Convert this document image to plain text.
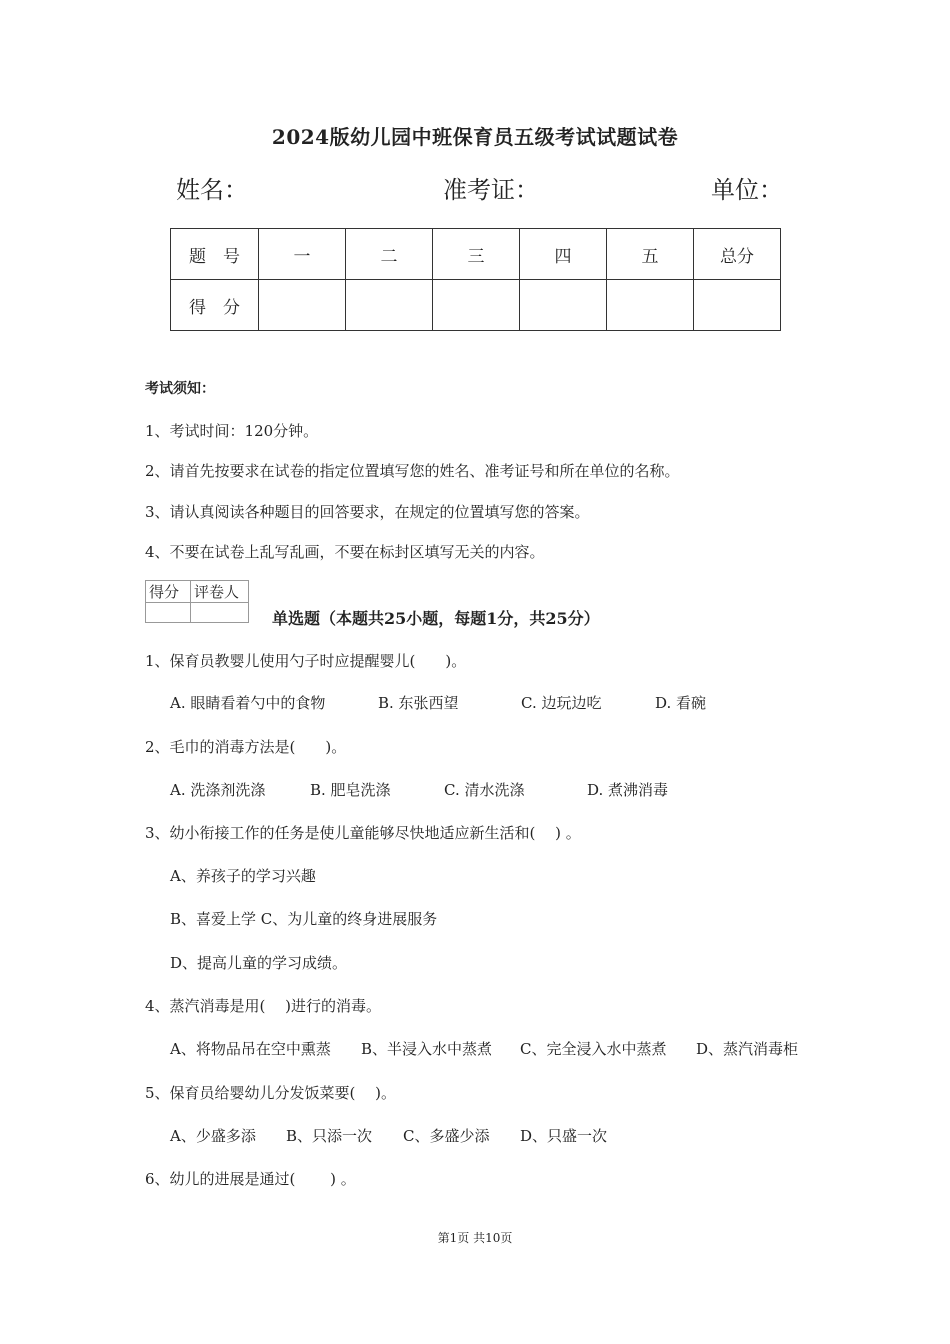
2024版幼儿园中班保育员五级考试试题试卷
姓名：	准考证：	单位：
题　号	一	二	三	四	五	总分
得　分						
考试须知：
1、考试时间：120分钟。
2、请首先按要求在试卷的指定位置填写您的姓名、准考证号和所在单位的名称。
3、请认真阅读各种题目的回答要求，在规定的位置填写您的答案。
4、不要在试卷上乱写乱画，不要在标封区填写无关的内容。
得分	评卷人

单选题（本题共25小题，每题1分，共25分）
1、保育员教婴儿使用勺子时应提醒婴儿(　　)。
A. 眼睛看着勺中的食物	B. 东张西望	C. 边玩边吃	D. 看碗
2、毛巾的消毒方法是(　　)。
A. 洗涤剂洗涤	B. 肥皂洗涤	C. 清水洗涤	D. 煮沸消毒
3、幼小衔接工作的任务是使儿童能够尽快地适应新生活和(　 ) 。
A、养孩子的学习兴趣
B、喜爱上学 C、为儿童的终身进展服务
D、提高儿童的学习成绩。
4、蒸汽消毒是用(　 )进行的消毒。
A、将物品吊在空中熏蒸 B、半浸入水中蒸煮 C、完全浸入水中蒸煮 D、蒸汽消毒柜
5、保育员给婴幼儿分发饭菜要(　 )。
A、少盛多添 B、只添一次 C、多盛少添 D、只盛一次
6、幼儿的进展是通过(　　 ) 。
第1页 共10页
